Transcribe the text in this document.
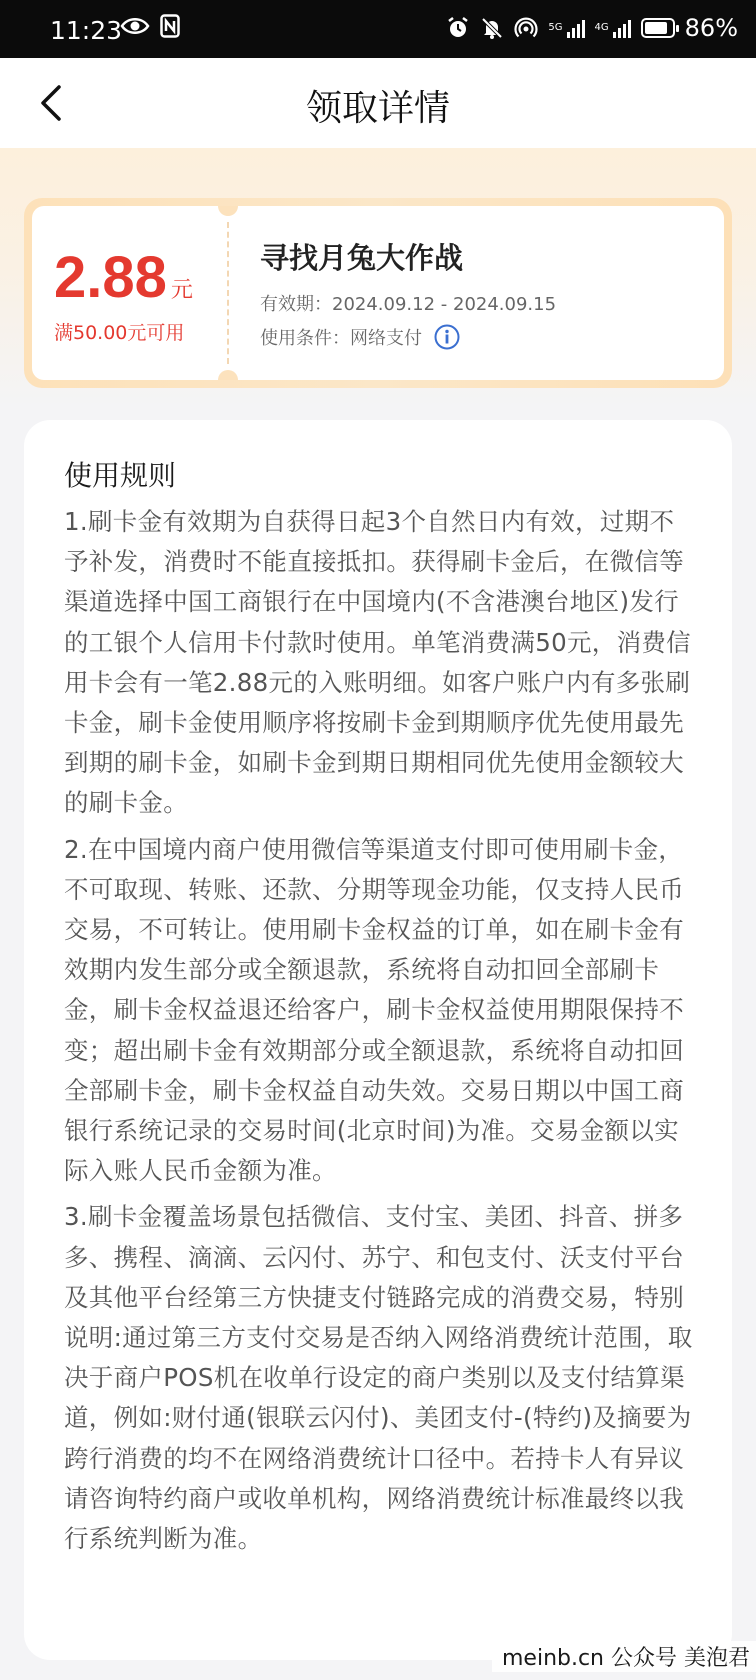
11:23	5G	4G	86%
领取详情
2.88 元
满50.00元可用
寻找月兔大作战
有效期：2024.09.12 - 2024.09.15
使用条件：网络支付
使用规则

1.刷卡金有效期为自获得日起3个自然日内有效，过期不予补发，消费时不能直接抵扣。获得刷卡金后，在微信等渠道选择中国工商银行在中国境内(不含港澳台地区)发行的工银个人信用卡付款时使用。单笔消费满50元，消费信用卡会有一笔2.88元的入账明细。如客户账户内有多张刷卡金，刷卡金使用顺序将按刷卡金到期顺序优先使用最先到期的刷卡金，如刷卡金到期日期相同优先使用金额较大的刷卡金。

2.在中国境内商户使用微信等渠道支付即可使用刷卡金，不可取现、转账、还款、分期等现金功能，仅支持人民币交易，不可转让。使用刷卡金权益的订单，如在刷卡金有效期内发生部分或全额退款，系统将自动扣回全部刷卡金，刷卡金权益退还给客户，刷卡金权益使用期限保持不变；超出刷卡金有效期部分或全额退款，系统将自动扣回全部刷卡金，刷卡金权益自动失效。交易日期以中国工商银行系统记录的交易时间(北京时间)为准。交易金额以实际入账人民币金额为准。

3.刷卡金覆盖场景包括微信、支付宝、美团、抖音、拼多多、携程、滴滴、云闪付、苏宁、和包支付、沃支付平台及其他平台经第三方快捷支付链路完成的消费交易，特别说明:通过第三方支付交易是否纳入网络消费统计范围，取决于商户POS机在收单行设定的商户类别以及支付结算渠道，例如:财付通(银联云闪付)、美团支付-(特约)及摘要为跨行消费的均不在网络消费统计口径中。若持卡人有异议请咨询特约商户或收单机构，网络消费统计标准最终以我行系统判断为准。

meinb.cn 公众号 美泡君
